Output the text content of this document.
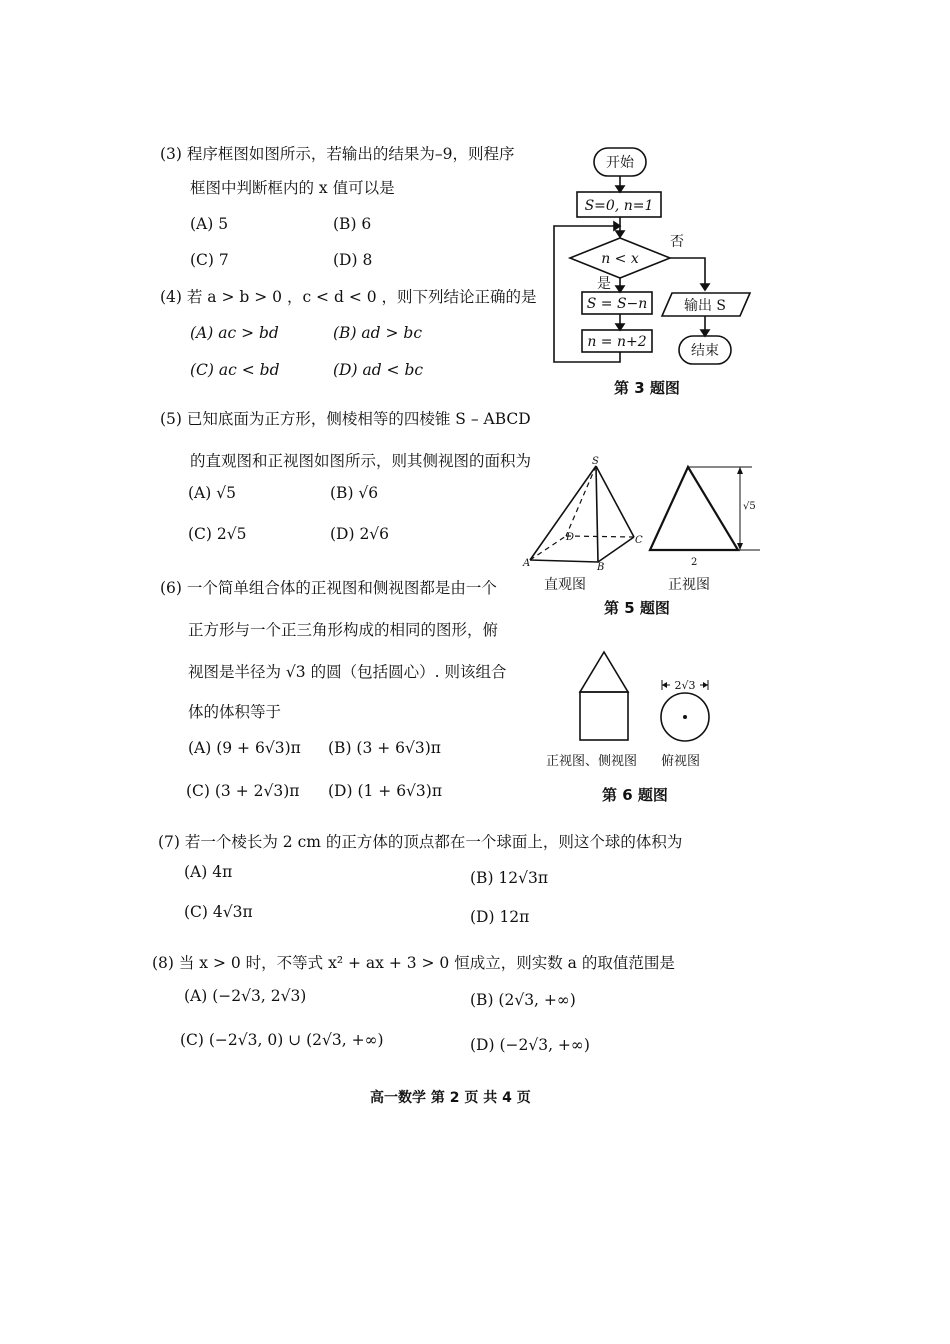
(3) 程序框图如图所示，若输出的结果为–9，则程序
框图中判断框内的 x 值可以是
(A) 5	(B) 6
(C) 7	(D) 8
开始
S=0, n=1
n < x
否
是
S = S−n
n = n+2
输出 S
结束
第 3 题图
(4) 若 a > b > 0 ，c < d < 0 ，则下列结论正确的是
(A) ac > bd	(B) ad > bc
(C) ac < bd	(D) ad < bc
(5) 已知底面为正方形，侧棱相等的四棱锥 S – ABCD
的直观图和正视图如图所示，则其侧视图的面积为
(A) √5	(B) √6
(C) 2√5	(D) 2√6
S
A	B
C
D
√5
2
直观图	正视图
第 5 题图
(6) 一个简单组合体的正视图和侧视图都是由一个
正方形与一个正三角形构成的相同的图形，俯
视图是半径为 √3 的圆（包括圆心）. 则该组合
体的体积等于
(A) (9 + 6√3)π (B) (3 + 6√3)π
(C) (3 + 2√3)π (D) (1 + 6√3)π
2√3
正视图、侧视图 俯视图
第 6 题图
(7) 若一个棱长为 2 cm 的正方体的顶点都在一个球面上，则这个球的体积为
(A) 4π	(B) 12√3π
(C) 4√3π	(D) 12π
(8) 当 x > 0 时，不等式 x² + ax + 3 > 0 恒成立，则实数 a 的取值范围是
(A) (−2√3, 2√3)	(B) (2√3, +∞)
(C) (−2√3, 0) ∪ (2√3, +∞)	(D) (−2√3, +∞)
高一数学 第 2 页 共 4 页
